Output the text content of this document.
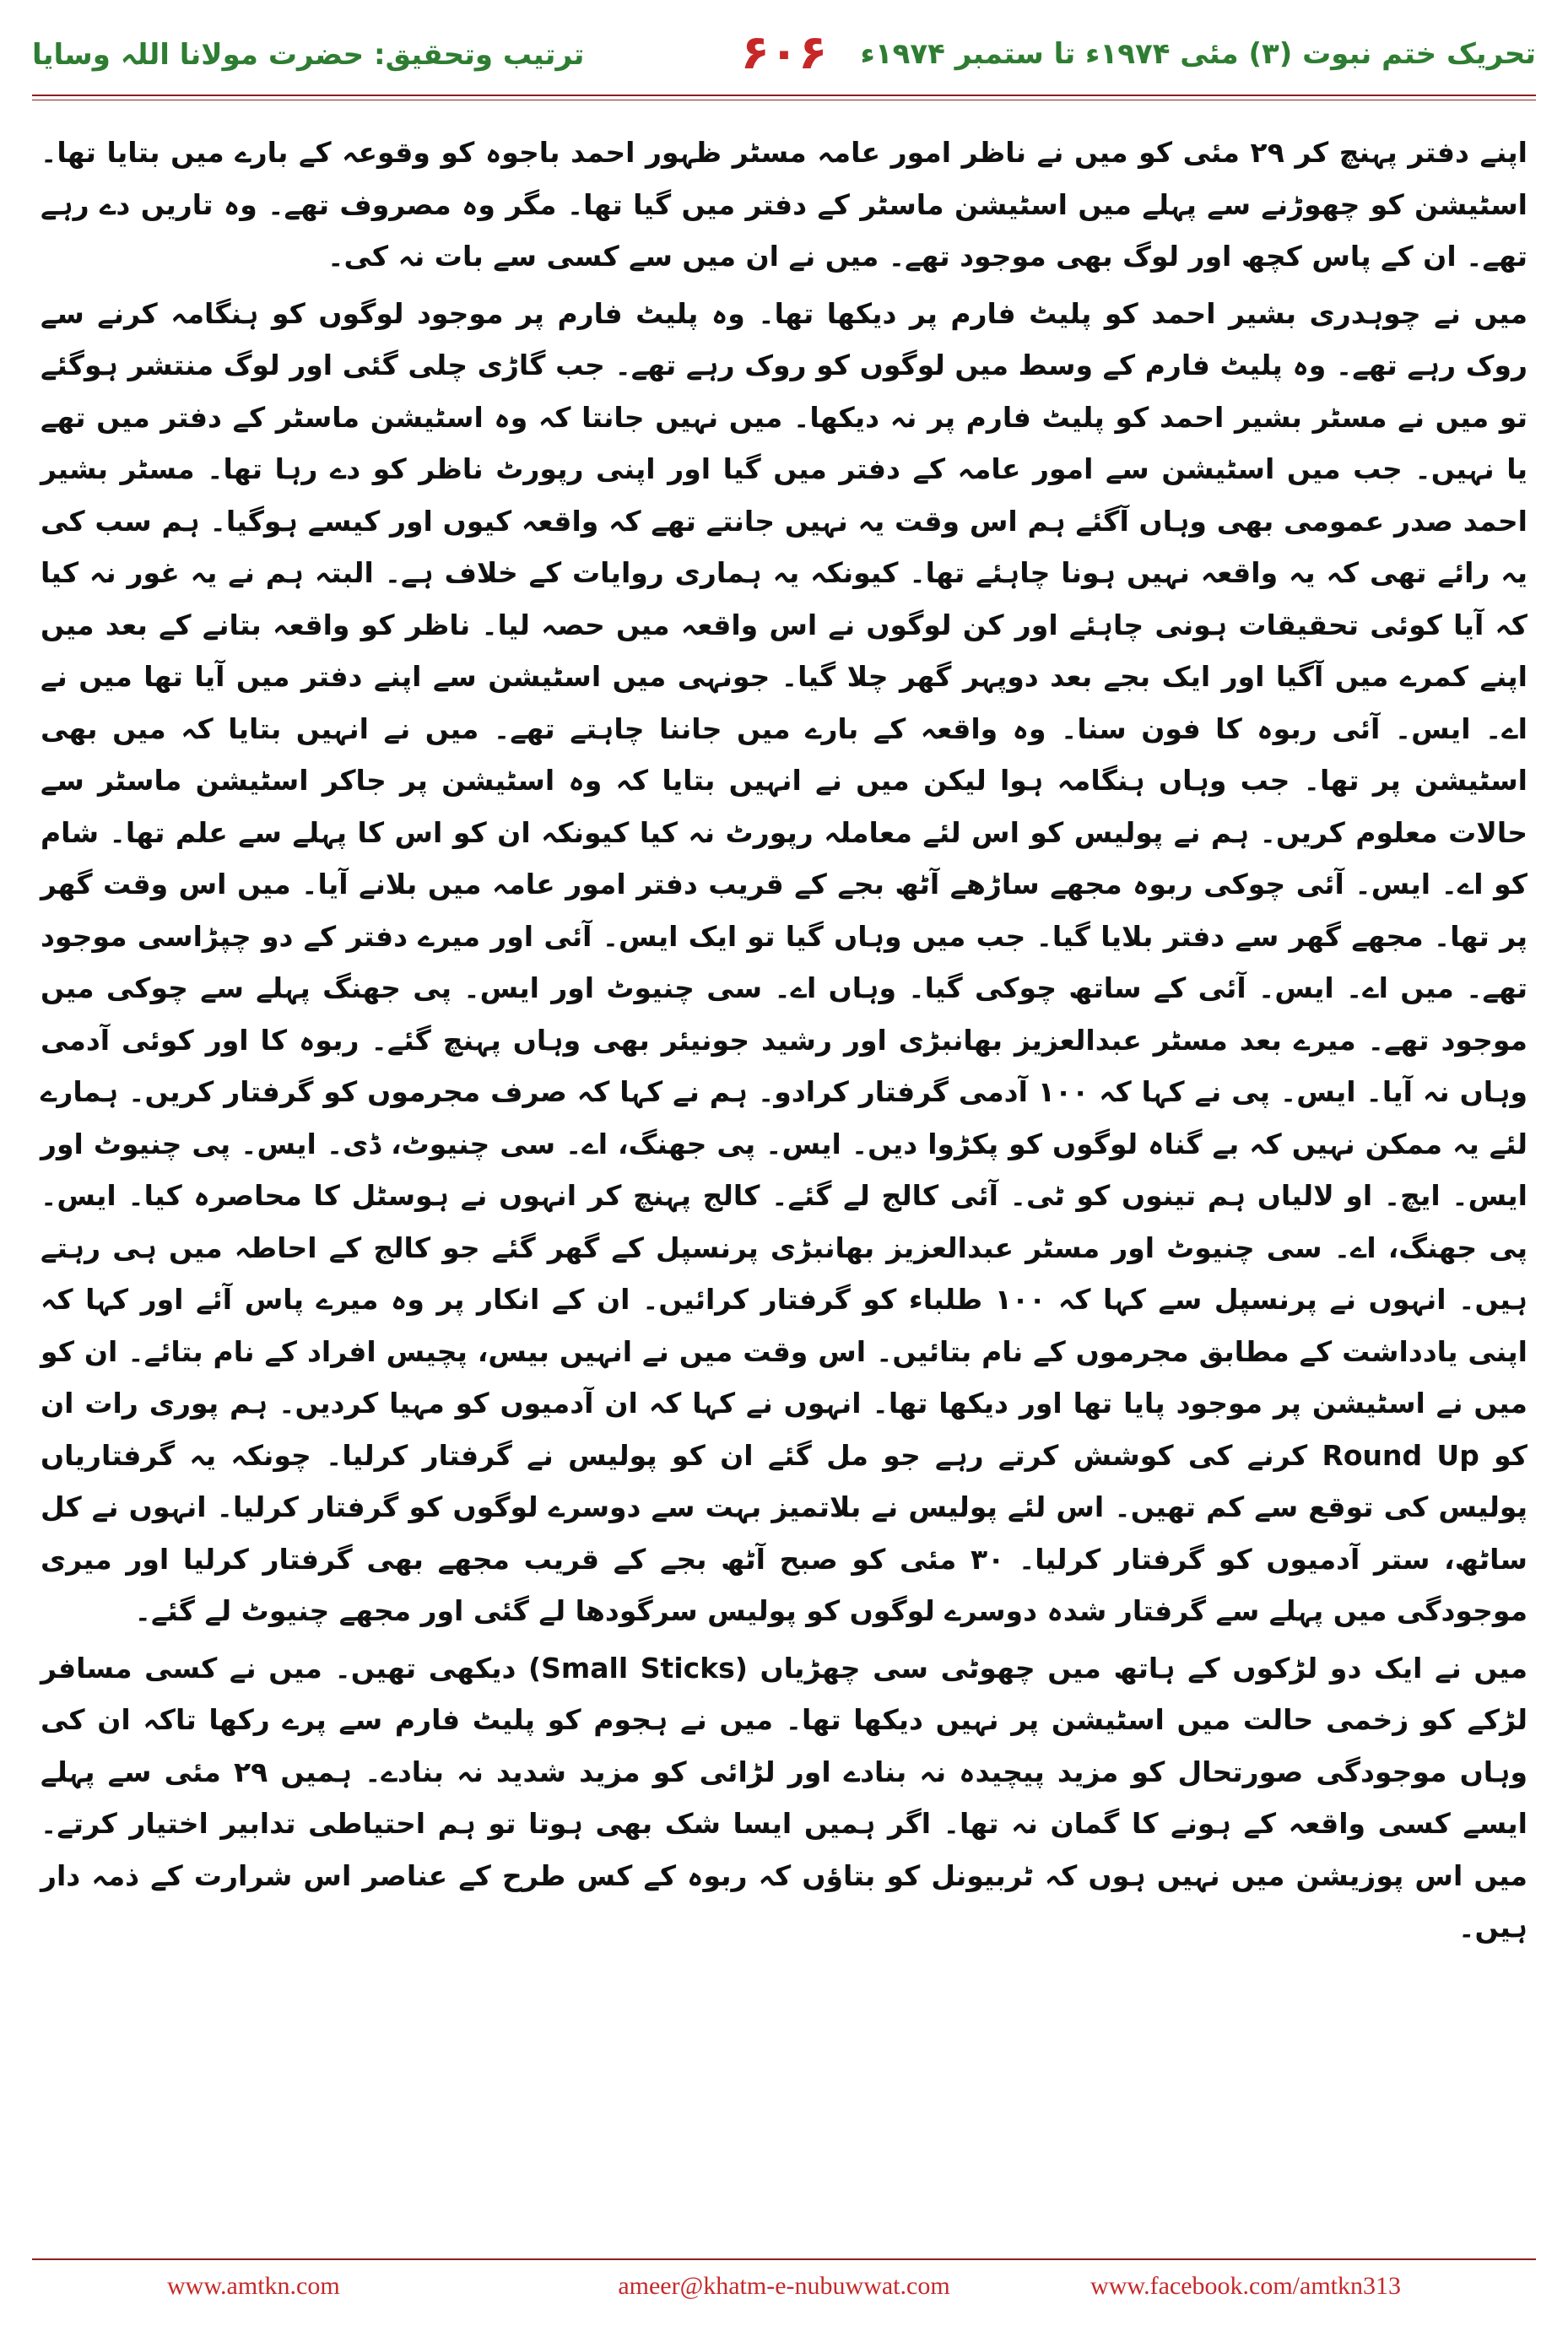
ترتیب وتحقیق: حضرت مولانا اللہ وسایا	۶۰۶	تحریک ختم نبوت (۳) مئی ۱۹۷۴ء تا ستمبر ۱۹۷۴ء

اپنے دفتر پہنچ کر ۲۹ مئی کو میں نے ناظر امور عامہ مسٹر ظہور احمد باجوہ کو وقوعہ کے بارے میں بتایا تھا۔ اسٹیشن کو چھوڑنے سے پہلے میں اسٹیشن ماسٹر کے دفتر میں گیا تھا۔ مگر وہ مصروف تھے۔ وہ تاریں دے رہے تھے۔ ان کے پاس کچھ اور لوگ بھی موجود تھے۔ میں نے ان میں سے کسی سے بات نہ کی۔

میں نے چوہدری بشیر احمد کو پلیٹ فارم پر دیکھا تھا۔ وہ پلیٹ فارم پر موجود لوگوں کو ہنگامہ کرنے سے روک رہے تھے۔ وہ پلیٹ فارم کے وسط میں لوگوں کو روک رہے تھے۔ جب گاڑی چلی گئی اور لوگ منتشر ہوگئے تو میں نے مسٹر بشیر احمد کو پلیٹ فارم پر نہ دیکھا۔ میں نہیں جانتا کہ وہ اسٹیشن ماسٹر کے دفتر میں تھے یا نہیں۔ جب میں اسٹیشن سے امور عامہ کے دفتر میں گیا اور اپنی رپورٹ ناظر کو دے رہا تھا۔ مسٹر بشیر احمد صدر عمومی بھی وہاں آگئے ہم اس وقت یہ نہیں جانتے تھے کہ واقعہ کیوں اور کیسے ہوگیا۔ ہم سب کی یہ رائے تھی کہ یہ واقعہ نہیں ہونا چاہئے تھا۔ کیونکہ یہ ہماری روایات کے خلاف ہے۔ البتہ ہم نے یہ غور نہ کیا کہ آیا کوئی تحقیقات ہونی چاہئے اور کن لوگوں نے اس واقعہ میں حصہ لیا۔ ناظر کو واقعہ بتانے کے بعد میں اپنے کمرے میں آگیا اور ایک بجے بعد دوپہر گھر چلا گیا۔ جونہی میں اسٹیشن سے اپنے دفتر میں آیا تھا میں نے اے۔ ایس۔ آئی ربوہ کا فون سنا۔ وہ واقعہ کے بارے میں جاننا چاہتے تھے۔ میں نے انہیں بتایا کہ میں بھی اسٹیشن پر تھا۔ جب وہاں ہنگامہ ہوا لیکن میں نے انہیں بتایا کہ وہ اسٹیشن پر جاکر اسٹیشن ماسٹر سے حالات معلوم کریں۔ ہم نے پولیس کو اس لئے معاملہ رپورٹ نہ کیا کیونکہ ان کو اس کا پہلے سے علم تھا۔ شام کو اے۔ ایس۔ آئی چوکی ربوہ مجھے ساڑھے آٹھ بجے کے قریب دفتر امور عامہ میں بلانے آیا۔ میں اس وقت گھر پر تھا۔ مجھے گھر سے دفتر بلایا گیا۔ جب میں وہاں گیا تو ایک ایس۔ آئی اور میرے دفتر کے دو چپڑاسی موجود تھے۔ میں اے۔ ایس۔ آئی کے ساتھ چوکی گیا۔ وہاں اے۔ سی چنیوٹ اور ایس۔ پی جھنگ پہلے سے چوکی میں موجود تھے۔ میرے بعد مسٹر عبدالعزیز بھانبڑی اور رشید جونیئر بھی وہاں پہنچ گئے۔ ربوہ کا اور کوئی آدمی وہاں نہ آیا۔ ایس۔ پی نے کہا کہ ۱۰۰ آدمی گرفتار کرادو۔ ہم نے کہا کہ صرف مجرموں کو گرفتار کریں۔ ہمارے لئے یہ ممکن نہیں کہ بے گناہ لوگوں کو پکڑوا دیں۔ ایس۔ پی جھنگ، اے۔ سی چنیوٹ، ڈی۔ ایس۔ پی چنیوٹ اور ایس۔ ایچ۔ او لالیاں ہم تینوں کو ٹی۔ آئی کالج لے گئے۔ کالج پہنچ کر انہوں نے ہوسٹل کا محاصرہ کیا۔ ایس۔ پی جھنگ، اے۔ سی چنیوٹ اور مسٹر عبدالعزیز بھانبڑی پرنسپل کے گھر گئے جو کالج کے احاطہ میں ہی رہتے ہیں۔ انہوں نے پرنسپل سے کہا کہ ۱۰۰ طلباء کو گرفتار کرائیں۔ ان کے انکار پر وہ میرے پاس آئے اور کہا کہ اپنی یادداشت کے مطابق مجرموں کے نام بتائیں۔ اس وقت میں نے انہیں بیس، پچیس افراد کے نام بتائے۔ ان کو میں نے اسٹیشن پر موجود پایا تھا اور دیکھا تھا۔ انہوں نے کہا کہ ان آدمیوں کو مہیا کردیں۔ ہم پوری رات ان کو Round Up کرنے کی کوشش کرتے رہے جو مل گئے ان کو پولیس نے گرفتار کرلیا۔ چونکہ یہ گرفتاریاں پولیس کی توقع سے کم تھیں۔ اس لئے پولیس نے بلاتمیز بہت سے دوسرے لوگوں کو گرفتار کرلیا۔ انہوں نے کل ساٹھ، ستر آدمیوں کو گرفتار کرلیا۔ ۳۰ مئی کو صبح آٹھ بجے کے قریب مجھے بھی گرفتار کرلیا اور میری موجودگی میں پہلے سے گرفتار شدہ دوسرے لوگوں کو پولیس سرگودھا لے گئی اور مجھے چنیوٹ لے گئے۔

میں نے ایک دو لڑکوں کے ہاتھ میں چھوٹی سی چھڑیاں (Small Sticks) دیکھی تھیں۔ میں نے کسی مسافر لڑکے کو زخمی حالت میں اسٹیشن پر نہیں دیکھا تھا۔ میں نے ہجوم کو پلیٹ فارم سے پرے رکھا تاکہ ان کی وہاں موجودگی صورتحال کو مزید پیچیدہ نہ بنادے اور لڑائی کو مزید شدید نہ بنادے۔ ہمیں ۲۹ مئی سے پہلے ایسے کسی واقعہ کے ہونے کا گمان نہ تھا۔ اگر ہمیں ایسا شک بھی ہوتا تو ہم احتیاطی تدابیر اختیار کرتے۔ میں اس پوزیشن میں نہیں ہوں کہ ٹربیونل کو بتاؤں کہ ربوہ کے کس طرح کے عناصر اس شرارت کے ذمہ دار ہیں۔

www.amtkn.com	ameer@khatm-e-nubuwwat.com	www.facebook.com/amtkn313
